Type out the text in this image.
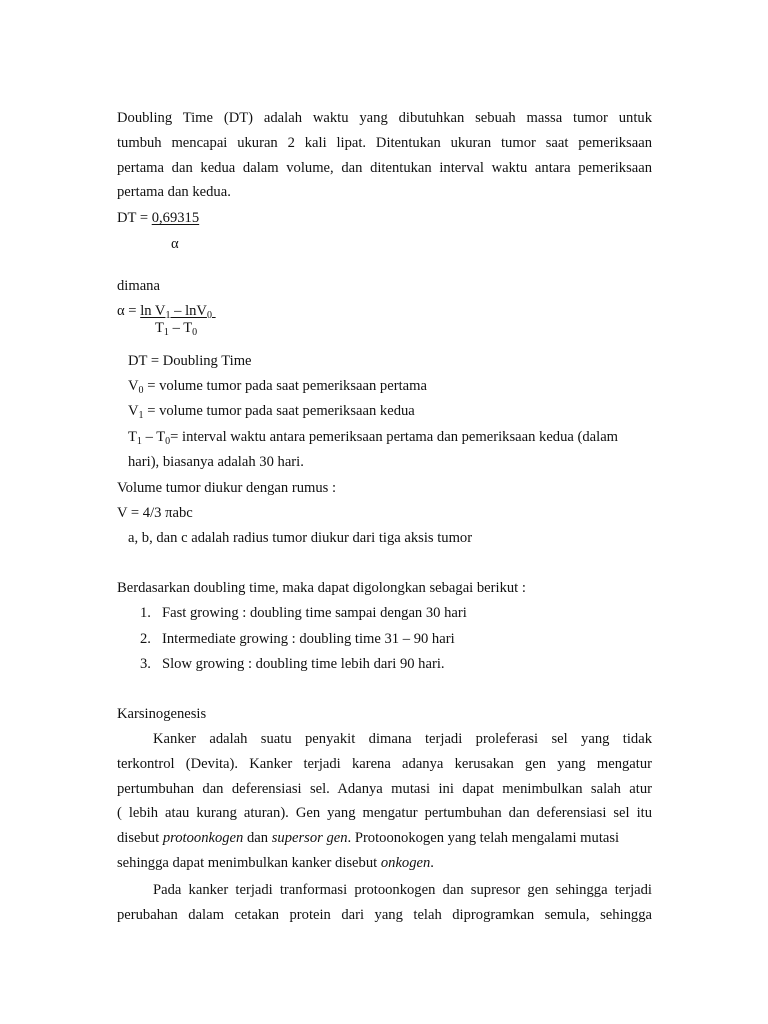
Doubling Time (DT) adalah waktu yang dibutuhkan sebuah massa tumor untuk
tumbuh mencapai ukuran 2 kali lipat. Ditentukan ukuran tumor saat pemeriksaan
pertama dan kedua dalam volume, dan ditentukan interval waktu antara pemeriksaan
pertama dan kedua.
DT = 0,69315
α
dimana
$\alpha = \ln V_1 - \ln V_0$
$T_1 - T_0$
DT = Doubling Time
$V_0$ = volume tumor pada saat pemeriksaan pertama
$V_1$ = volume tumor pada saat pemeriksaan kedua
$T_1 - T_0=$ interval waktu antara pemeriksaan pertama dan pemeriksaan kedua (dalam
hari), biasanya adalah 30 hari.
Volume tumor diukur dengan rumus :
V = 4/3 πabc
a, b, dan c adalah radius tumor diukur dari tiga aksis tumor
Berdasarkan doubling time, maka dapat digolongkan sebagai berikut :
1. Fast growing : doubling time sampai dengan 30 hari
2. Intermediate growing : doubling time 31 – 90 hari
3. Slow growing : doubling time lebih dari 90 hari.
Karsinogenesis
Kanker adalah suatu penyakit dimana terjadi proleferasi sel yang tidak
terkontrol (Devita). Kanker terjadi karena adanya kerusakan gen yang mengatur
pertumbuhan dan deferensiasi sel. Adanya mutasi ini dapat menimbulkan salah atur
( lebih atau kurang aturan). Gen yang mengatur pertumbuhan dan deferensiasi sel itu
disebut protoonkogen dan supersor gen. Protoonokogen yang telah mengalami mutasi
sehingga dapat menimbulkan kanker disebut onkogen.
Pada kanker terjadi tranformasi protoonkogen dan supresor gen sehingga terjadi
perubahan dalam cetakan protein dari yang telah diprogramkan semula, sehingga
